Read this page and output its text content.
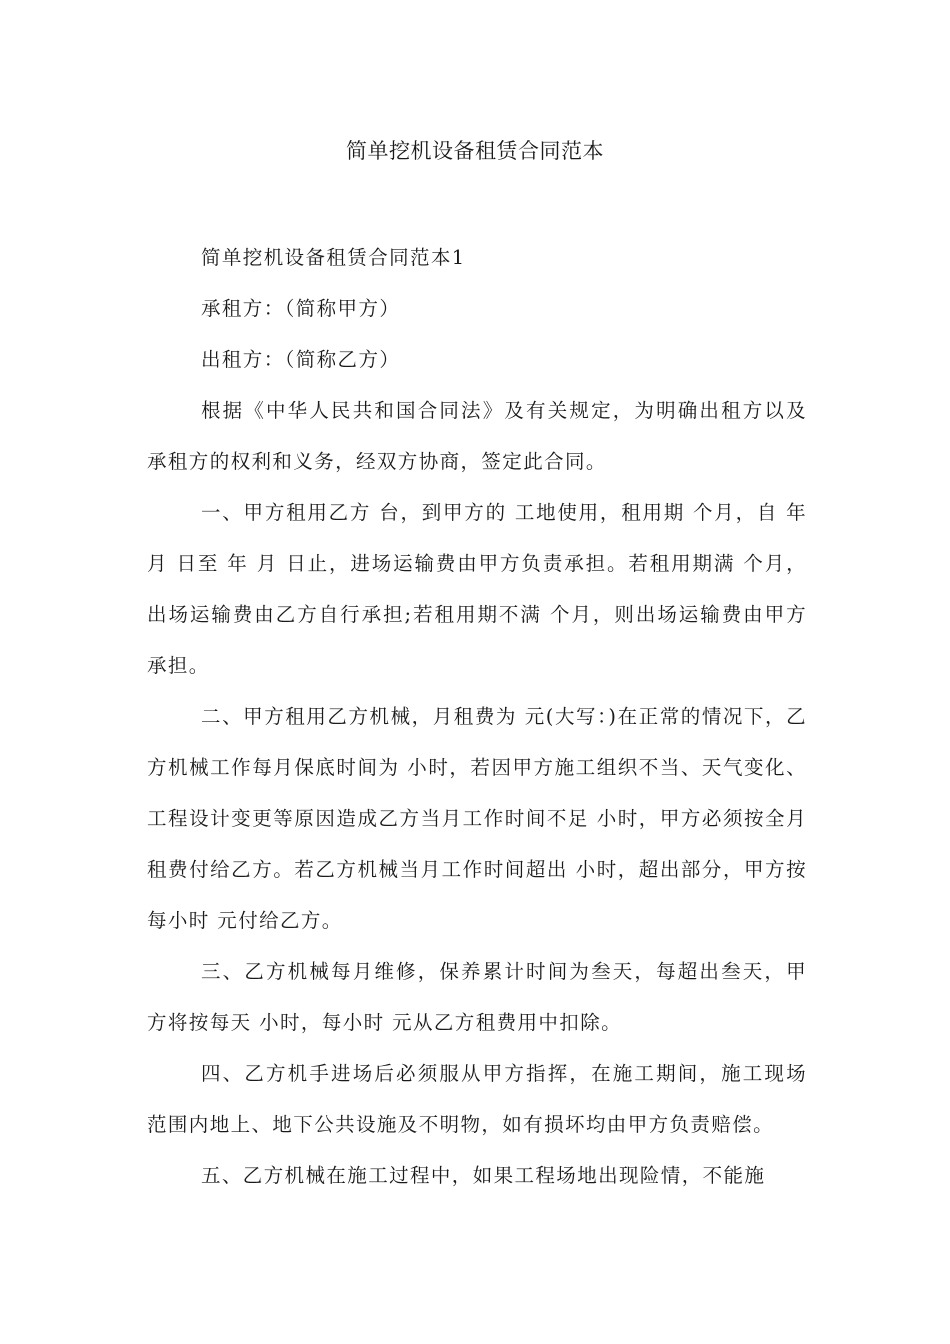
简单挖机设备租赁合同范本

简单挖机设备租赁合同范本1

承租方：（简称甲方）

出租方：（简称乙方）

根据《中华人民共和国合同法》及有关规定，为明确出租方以及承租方的权利和义务，经双方协商，签定此合同。

一、甲方租用乙方 台，到甲方的 工地使用，租用期 个月，自 年 月 日至 年 月 日止，进场运输费由甲方负责承担。若租用期满 个月，出场运输费由乙方自行承担;若租用期不满 个月，则出场运输费由甲方承担。

二、甲方租用乙方机械，月租费为 元(大写：)在正常的情况下，乙方机械工作每月保底时间为 小时，若因甲方施工组织不当、天气变化、工程设计变更等原因造成乙方当月工作时间不足 小时，甲方必须按全月租费付给乙方。若乙方机械当月工作时间超出 小时，超出部分，甲方按每小时 元付给乙方。

三、乙方机械每月维修，保养累计时间为叁天，每超出叁天，甲方将按每天 小时，每小时 元从乙方租费用中扣除。

四、乙方机手进场后必须服从甲方指挥，在施工期间，施工现场范围内地上、地下公共设施及不明物，如有损坏均由甲方负责赔偿。

五、乙方机械在施工过程中，如果工程场地出现险情，不能施
